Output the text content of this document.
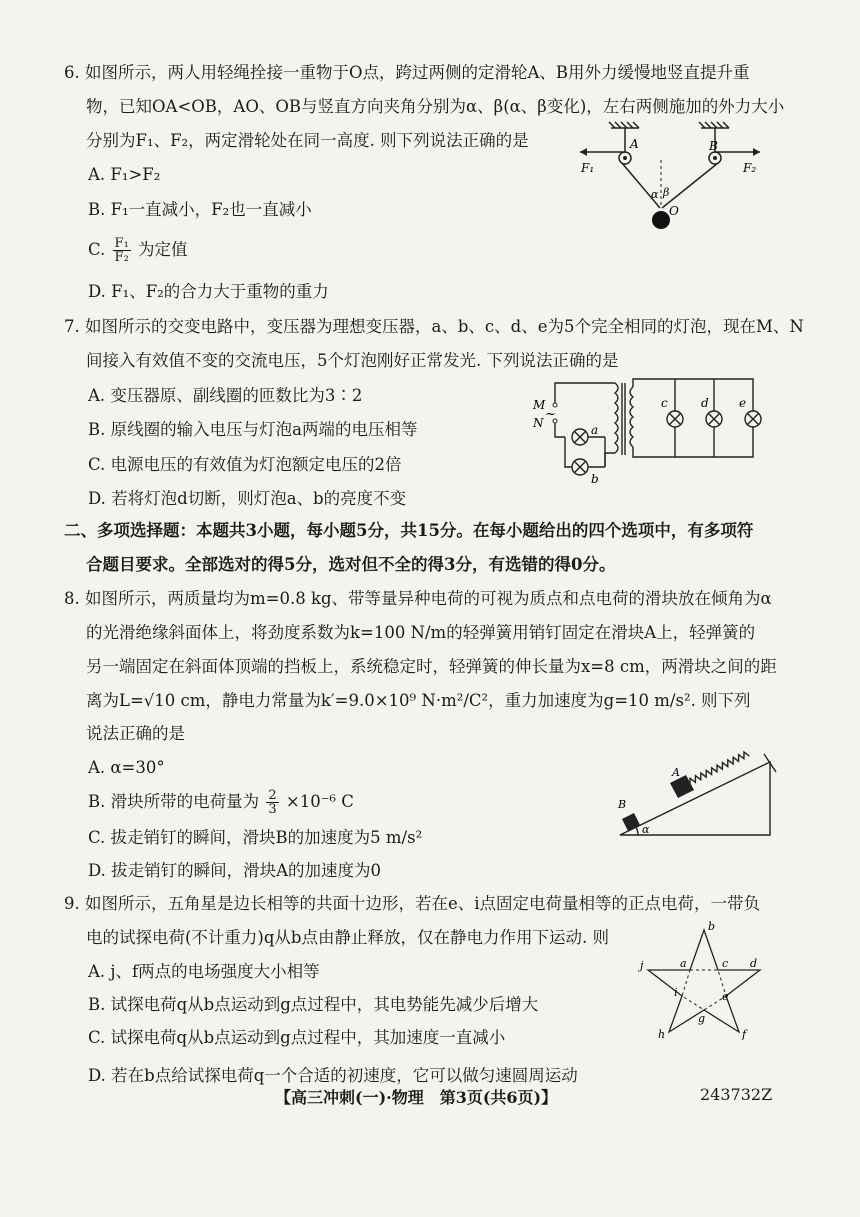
6. 如图所示，两人用轻绳拴接一重物于O点，跨过两侧的定滑轮A、B用外力缓慢地竖直提升重
物，已知OA<OB，AO、OB与竖直方向夹角分别为α、β(α、β变化)，左右两侧施加的外力大小
分别为F₁、F₂，两定滑轮处在同一高度. 则下列说法正确的是
A. F₁>F₂
B. F₁一直减小，F₂也一直减小
C. $\frac{\text{F₁}}{\text{F₂}}$ 为定值
D. F₁、F₂的合力大于重物的重力
A	B
F₁	F₂
α β
O
7. 如图所示的交变电路中，变压器为理想变压器，a、b、c、d、e为5个完全相同的灯泡，现在M、N
间接入有效值不变的交流电压，5个灯泡刚好正常发光. 下列说法正确的是
A. 变压器原、副线圈的匝数比为3∶2
B. 原线圈的输入电压与灯泡a两端的电压相等
C. 电源电压的有效值为灯泡额定电压的2倍
D. 若将灯泡d切断，则灯泡a、b的亮度不变
M
N
~
a
b
c	d	e
二、多项选择题：本题共3小题，每小题5分，共15分。在每小题给出的四个选项中，有多项符
合题目要求。全部选对的得5分，选对但不全的得3分，有选错的得0分。
8. 如图所示，两质量均为m=0.8 kg、带等量异种电荷的可视为质点和点电荷的滑块放在倾角为α
的光滑绝缘斜面体上，将劲度系数为k=100 N/m的轻弹簧用销钉固定在滑块A上，轻弹簧的
另一端固定在斜面体顶端的挡板上，系统稳定时，轻弹簧的伸长量为x=8 cm，两滑块之间的距
离为L=√10 cm，静电力常量为k′=9.0×10⁹ N·m²/C²，重力加速度为g=10 m/s². 则下列
说法正确的是
A. α=30°
B. 滑块所带的电荷量为 $\frac{2}{3} \times 10^{-6}$ C
C. 拔走销钉的瞬间，滑块B的加速度为5 m/s²
D. 拔走销钉的瞬间，滑块A的加速度为0
A
B
α
9. 如图所示，五角星是边长相等的共面十边形，若在e、i点固定电荷量相等的正点电荷，一带负
电的试探电荷(不计重力)q从b点由静止释放，仅在静电力作用下运动. 则
A. j、f两点的电场强度大小相等
B. 试探电荷q从b点运动到g点过程中，其电势能先减少后增大
C. 试探电荷q从b点运动到g点过程中，其加速度一直减小
D. 若在b点给试探电荷q一个合适的初速度，它可以做匀速圆周运动
b
a	c d
j
e
i
g
h	f
【高三冲刺(一)·物理　第3页(共6页)】	243732Z
